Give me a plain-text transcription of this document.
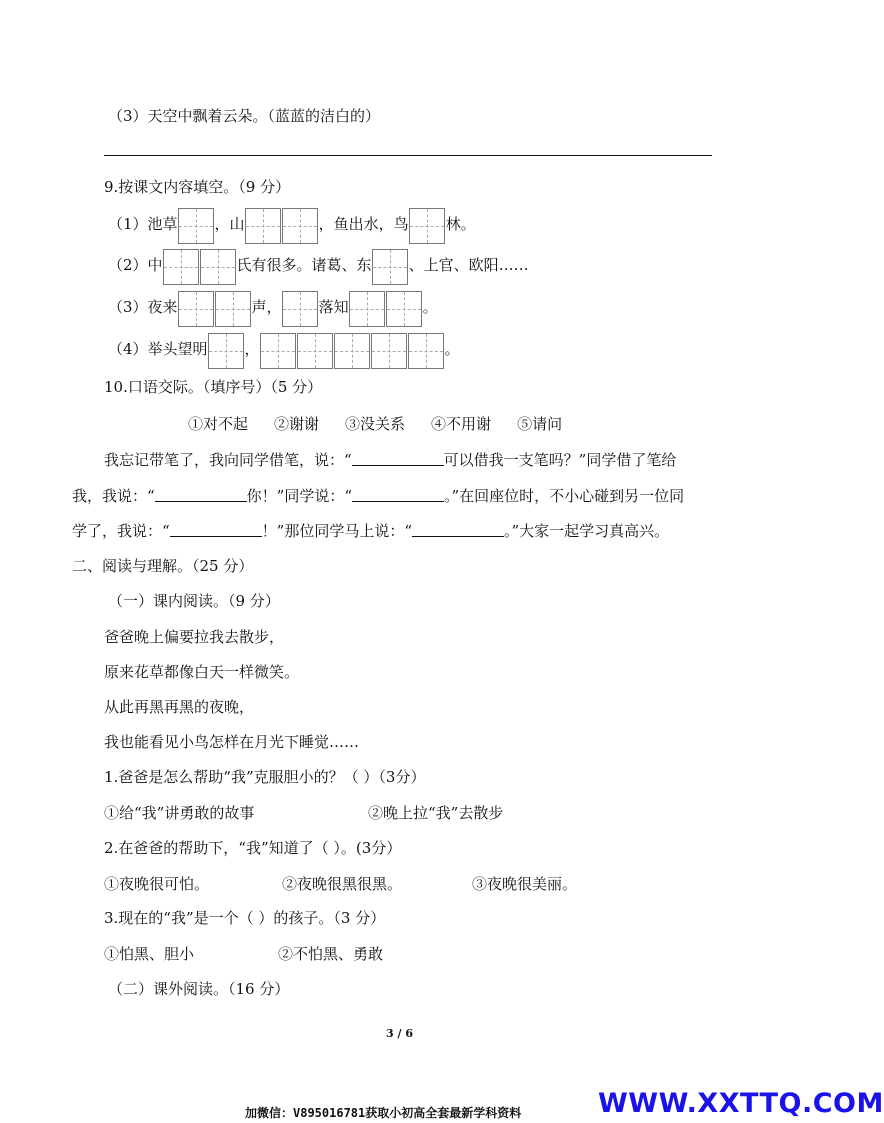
（3）天空中飘着云朵。（蓝蓝的洁白的）
9.按课文内容填空。（9 分）
（1）池草 ，山	，鱼出水，鸟 林。
（2）中	氏有很多。诸葛、东 、上官、欧阳……
（3）夜来	声， 落知	。
（4）举头望明 ，	。
10.口语交际。（填序号）（5 分）
①对不起 ②谢谢 ③没关系 ④不用谢 ⑤请问
我忘记带笔了，我向同学借笔，说：“	可以借我一支笔吗？”同学借了笔给
我，我说：“	你！”同学说：“	。”在回座位时，不小心碰到另一位同
学了，我说：“	！”那位同学马上说：“	。”大家一起学习真高兴。
二、阅读与理解。（25 分）
（一）课内阅读。（9 分）
爸爸晚上偏要拉我去散步，
原来花草都像白天一样微笑。
从此再黑再黑的夜晚，
我也能看见小鸟怎样在月光下睡觉……
1.爸爸是怎么帮助“我”克服胆小的？（ ）（3分）
①给“我”讲勇敢的故事	②晚上拉“我”去散步
2.在爸爸的帮助下，“我”知道了（ ）。(3分）
①夜晚很可怕。	②夜晚很黑很黑。	③夜晚很美丽。
3.现在的“我”是一个（ ）的孩子。（3 分）
①怕黑、胆小	②不怕黑、勇敢
（二）课外阅读。（16 分）
3 / 6
加微信：V895016781获取小初高全套最新学科资料	WWW.XXTTQ.COM
